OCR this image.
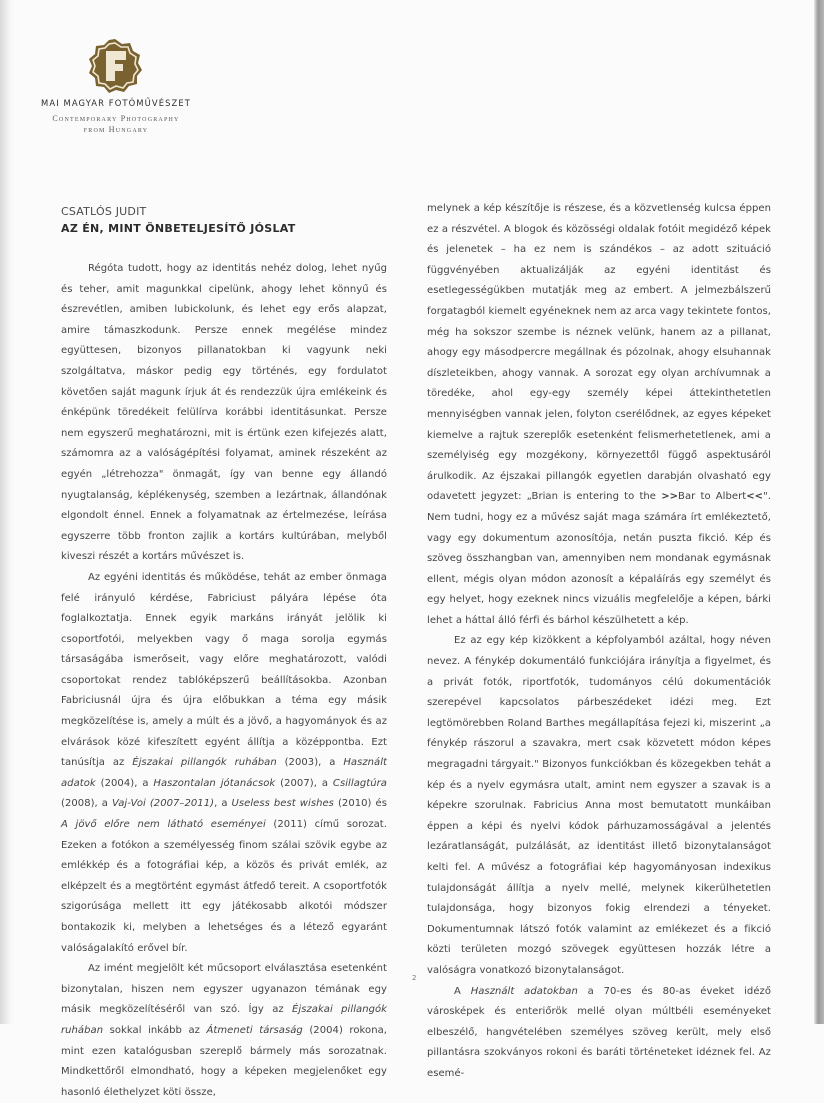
MAI MAGYAR FOTÓMŰVÉSZET
Contemporary Photography
from Hungary
CSATLÓS JUDIT
AZ ÉN, MINT ÖNBETELJESÍTŐ JÓSLAT

Régóta tudott, hogy az identitás nehéz dolog, lehet nyűg és teher, amit magunkkal cipelünk, ahogy lehet könnyű és észrevétlen, amiben lubickolunk, és lehet egy erős alapzat, amire támaszkodunk. Persze ennek megélése mindez együttesen, bizonyos pillanatokban ki vagyunk neki szolgáltatva, máskor pedig egy történés, egy fordulatot követően saját magunk írjuk át és rendezzük újra emlékeink és énképünk töredékeit felülírva korábbi identitásunkat. Persze nem egyszerű meghatározni, mit is értünk ezen kifejezés alatt, számomra az a valóságépítési folyamat, aminek részeként az egyén „létrehozza" önmagát, így van benne egy állandó nyugtalanság, képlékenység, szemben a lezártnak, állandónak elgondolt énnel. Ennek a folyamatnak az értelmezése, leírása egyszerre több fronton zajlik a kortárs kultúrában, melyből kiveszi részét a kortárs művészet is.

Az egyéni identitás és működése, tehát az ember önmaga felé irányuló kérdése, Fabriciust pályára lépése óta foglalkoztatja. Ennek egyik markáns irányát jelölik ki csoportfotói, melyekben vagy ő maga sorolja egymás társaságába ismerőseit, vagy előre meghatározott, valódi csoportokat rendez tablóképszerű beállításokba. Azonban Fabriciusnál újra és újra előbukkan a téma egy másik megközelítése is, amely a múlt és a jövő, a hagyományok és az elvárások közé kifeszített egyént állítja a középpontba. Ezt tanúsítja az Éjszakai pillangók ruhában (2003), a Használt adatok (2004), a Haszontalan jótanácsok (2007), a Csillagtúra (2008), a Vaj-Voi (2007–2011), a Useless best wishes (2010) és A jövő előre nem látható eseményei (2011) című sorozat. Ezeken a fotókon a személyesség finom szálai szövik egybe az emlékkép és a fotográfiai kép, a közös és privát emlék, az elképzelt és a megtörtént egymást átfedő tereit. A csoportfotók szigorúsága mellett itt egy játékosabb alkotói módszer bontakozik ki, melyben a lehetséges és a létező egyaránt valóságalakító erővel bír.

Az imént megjelölt két műcsoport elválasztása esetenként bizonytalan, hiszen nem egyszer ugyanazon témának egy másik megközelítéséről van szó. Így az Éjszakai pillangók ruhában sokkal inkább az Átmeneti társaság (2004) rokona, mint ezen katalógusban szereplő bármely más sorozatnak. Mindkettőről elmondható, hogy a képeken megjelenőket egy hasonló élethelyzet köti össze,

melynek a kép készítője is részese, és a közvetlenség kulcsa éppen ez a részvétel. A blogok és közösségi oldalak fotóit megidéző képek és jelenetek – ha ez nem is szándékos – az adott szituáció függvényében aktualizálják az egyéni identitást és esetlegességükben mutatják meg az embert. A jelmezbálszerű forgatagból kiemelt egyéneknek nem az arca vagy tekintete fontos, még ha sokszor szembe is néznek velünk, hanem az a pillanat, ahogy egy másodpercre megállnak és pózolnak, ahogy elsuhannak díszleteikben, ahogy vannak. A sorozat egy olyan archívumnak a töredéke, ahol egy-egy személy képei áttekinthetetlen mennyiségben vannak jelen, folyton cserélődnek, az egyes képeket kiemelve a rajtuk szereplők esetenként felismerhetetlenek, ami a személyiség egy mozgékony, környezettől függő aspektusáról árulkodik. Az éjszakai pillangók egyetlen darabján olvasható egy odavetett jegyzet: „Brian is entering to the >>Bar to Albert<<". Nem tudni, hogy ez a művész saját maga számára írt emlékeztető, vagy egy dokumentum azonosítója, netán puszta fikció. Kép és szöveg összhangban van, amennyiben nem mondanak egymásnak ellent, mégis olyan módon azonosít a képaláírás egy személyt és egy helyet, hogy ezeknek nincs vizuális megfelelője a képen, bárki lehet a háttal álló férfi és bárhol készülhetett a kép.

Ez az egy kép kizökkent a képfolyamból azáltal, hogy néven nevez. A fénykép dokumentáló funkciójára irányítja a figyelmet, és a privát fotók, riportfotók, tudományos célú dokumentációk szerepével kapcsolatos párbeszédeket idézi meg. Ezt legtömörebben Roland Barthes megállapítása fejezi ki, miszerint „a fénykép rászorul a szavakra, mert csak közvetett módon képes megragadni tárgyait." Bizonyos funkciókban és közegekben tehát a kép és a nyelv egymásra utalt, amint nem egyszer a szavak is a képekre szorulnak. Fabricius Anna most bemutatott munkáiban éppen a képi és nyelvi kódok párhuzamosságával a jelentés lezáratlanságát, pulzálását, az identitást illető bizonytalanságot kelti fel. A művész a fotográfiai kép hagyományosan indexikus tulajdonságát állítja a nyelv mellé, melynek kikerülhetetlen tulajdonsága, hogy bizonyos fokig elrendezi a tényeket. Dokumentumnak látszó fotók valamint az emlékezet és a fikció közti területen mozgó szövegek együttesen hozzák létre a valóságra vonatkozó bizonytalanságot.

A Használt adatokban a 70-es és 80-as éveket idéző városképek és enteriőrök mellé olyan múltbéli eseményeket elbeszélő, hangvételében személyes szöveg került, mely első pillantásra szokványos rokoni és baráti történeteket idéznek fel. Az esemé-

2
